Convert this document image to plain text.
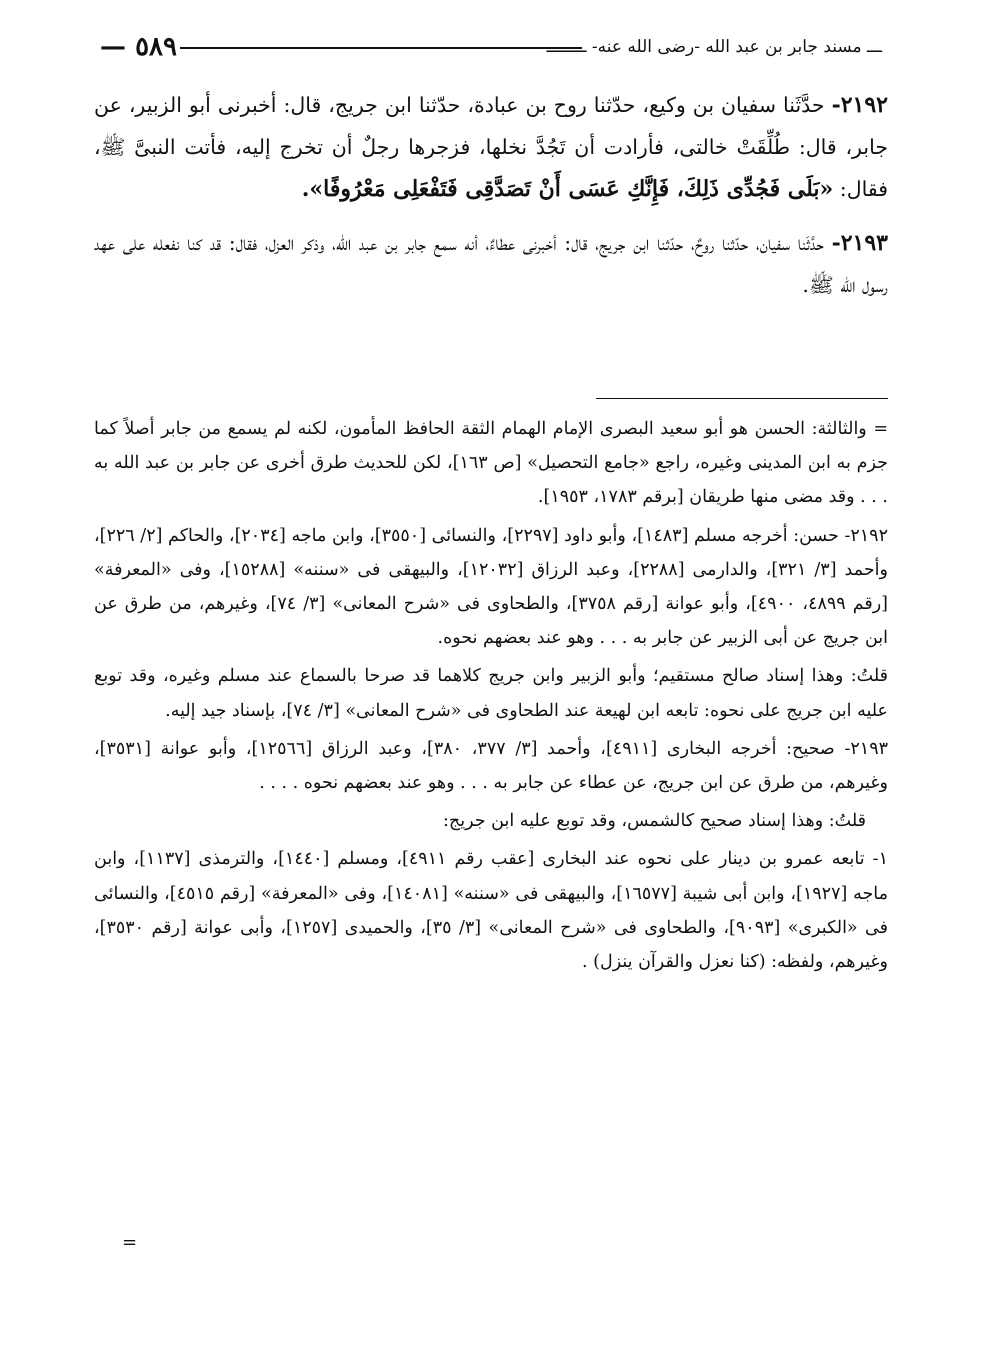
ـــ مسند جابر بن عبد الله -رضى الله عنه- ــــــــ
٥٨٩ —

٢١٩٢- حدَّثَنا سفيان بن وكيع، حدّثنا روح بن عبادة، حدّثنا ابن جريج، قال: أخبرنى أبو الزبير، عن جابر، قال: طُلِّقَتْ خالتى، فأرادت أن تَجُدَّ نخلها، فزجرها رجلٌ أن تخرج إليه، فأتت النبىَّ ﷺ، فقال: «بَلَى فَجُدِّى ذَلِكَ، فَإِنَّكِ عَسَى أَنْ تَصَدَّقِى فَتَفْعَلِى مَعْرُوفًا».

٢١٩٣- حدَّثَنا سفيان، حدّثنا روحٌ، حدّثنا ابن جريج، قال: أخبرنى عطاءٌ، أنه سمع جابر بن عبد الله، وذكر العزل، فقال: قد كنا نفعله على عهد رسول الله ﷺ.

= والثالثة: الحسن هو أبو سعيد البصرى الإمام الهمام الثقة الحافظ المأمون، لكنه لم يسمع من جابر أصلاً كما جزم به ابن المدينى وغيره، راجع «جامع التحصيل» [ص ١٦٣]، لكن للحديث طرق أخرى عن جابر بن عبد الله به . . . وقد مضى منها طريقان [برقم ١٧٨٣، ١٩٥٣].

٢١٩٢- حسن: أخرجه مسلم [١٤٨٣]، وأبو داود [٢٢٩٧]، والنسائى [٣٥٥٠]، وابن ماجه [٢٠٣٤]، والحاكم [٢/ ٢٢٦]، وأحمد [٣/ ٣٢١]، والدارمى [٢٢٨٨]، وعبد الرزاق [١٢٠٣٢]، والبيهقى فى «سننه» [١٥٢٨٨]، وفى «المعرفة» [رقم ٤٨٩٩، ٤٩٠٠]، وأبو عوانة [رقم ٣٧٥٨]، والطحاوى فى «شرح المعانى» [٣/ ٧٤]، وغيرهم، من طرق عن ابن جريج عن أبى الزبير عن جابر به . . . وهو عند بعضهم نحوه.

قلتُ: وهذا إسناد صالح مستقيم؛ وأبو الزبير وابن جريج كلاهما قد صرحا بالسماع عند مسلم وغيره، وقد توبع عليه ابن جريج على نحوه: تابعه ابن لهيعة عند الطحاوى فى «شرح المعانى» [٣/ ٧٤]، بإسناد جيد إليه.

٢١٩٣- صحيح: أخرجه البخارى [٤٩١١]، وأحمد [٣/ ٣٧٧، ٣٨٠]، وعبد الرزاق [١٢٥٦٦]، وأبو عوانة [٣٥٣١]، وغيرهم، من طرق عن ابن جريج، عن عطاء عن جابر به . . . وهو عند بعضهم نحوه . . . .

قلتُ: وهذا إسناد صحيح كالشمس، وقد توبع عليه ابن جريج:

١- تابعه عمرو بن دينار على نحوه عند البخارى [عقب رقم ٤٩١١]، ومسلم [١٤٤٠]، والترمذى [١١٣٧]، وابن ماجه [١٩٢٧]، وابن أبى شيبة [١٦٥٧٧]، والبيهقى فى «سننه» [١٤٠٨١]، وفى «المعرفة» [رقم ٤٥١٥]، والنسائى فى «الكبرى» [٩٠٩٣]، والطحاوى فى «شرح المعانى» [٣/ ٣٥]، والحميدى [١٢٥٧]، وأبى عوانة [رقم ٣٥٣٠]، وغيرهم، ولفظه: (كنا نعزل والقرآن ينزل) .

=
